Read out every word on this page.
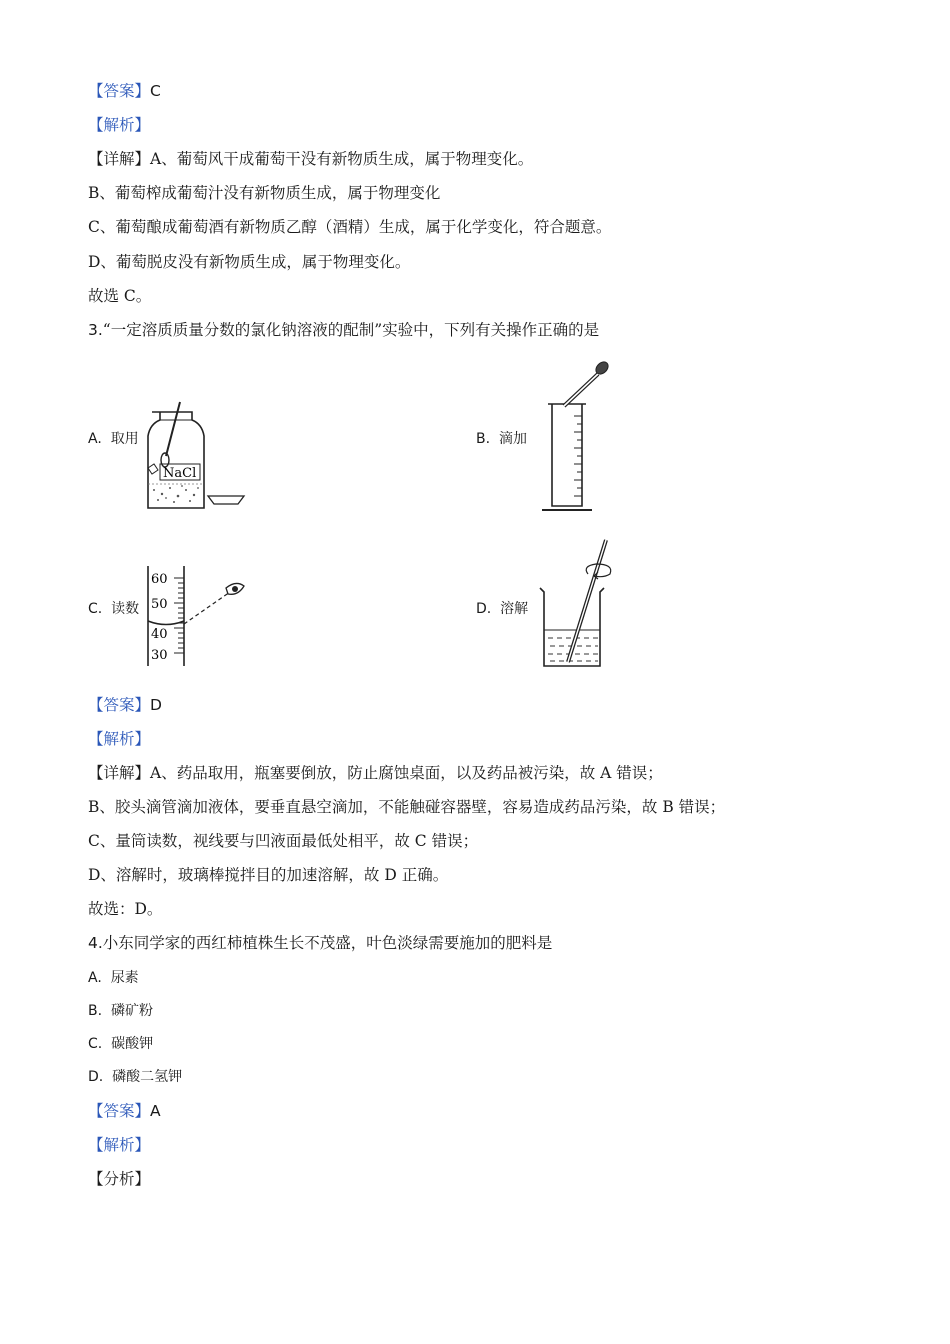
【答案】C
【解析】
【详解】A、葡萄风干成葡萄干没有新物质生成，属于物理变化。
B、葡萄榨成葡萄汁没有新物质生成，属于物理变化
C、葡萄酿成葡萄酒有新物质乙醇（酒精）生成，属于化学变化，符合题意。
D、葡萄脱皮没有新物质生成，属于物理变化。
故选 C。
3.“一定溶质质量分数的氯化钠溶液的配制”实验中，下列有关操作正确的是
A. 取用
NaCl
B. 滴加
C. 读数
60
50
40
30
D. 溶解
【答案】D
【解析】
【详解】A、药品取用，瓶塞要倒放，防止腐蚀桌面，以及药品被污染，故 A 错误；
B、胶头滴管滴加液体，要垂直悬空滴加，不能触碰容器壁，容易造成药品污染，故 B 错误；
C、量筒读数，视线要与凹液面最低处相平，故 C 错误；
D、溶解时，玻璃棒搅拌目的加速溶解，故 D 正确。
故选：D。
4.小东同学家的西红柿植株生长不茂盛，叶色淡绿需要施加的肥料是
A. 尿素
B. 磷矿粉
C. 碳酸钾
D. 磷酸二氢钾
【答案】A
【解析】
【分析】
